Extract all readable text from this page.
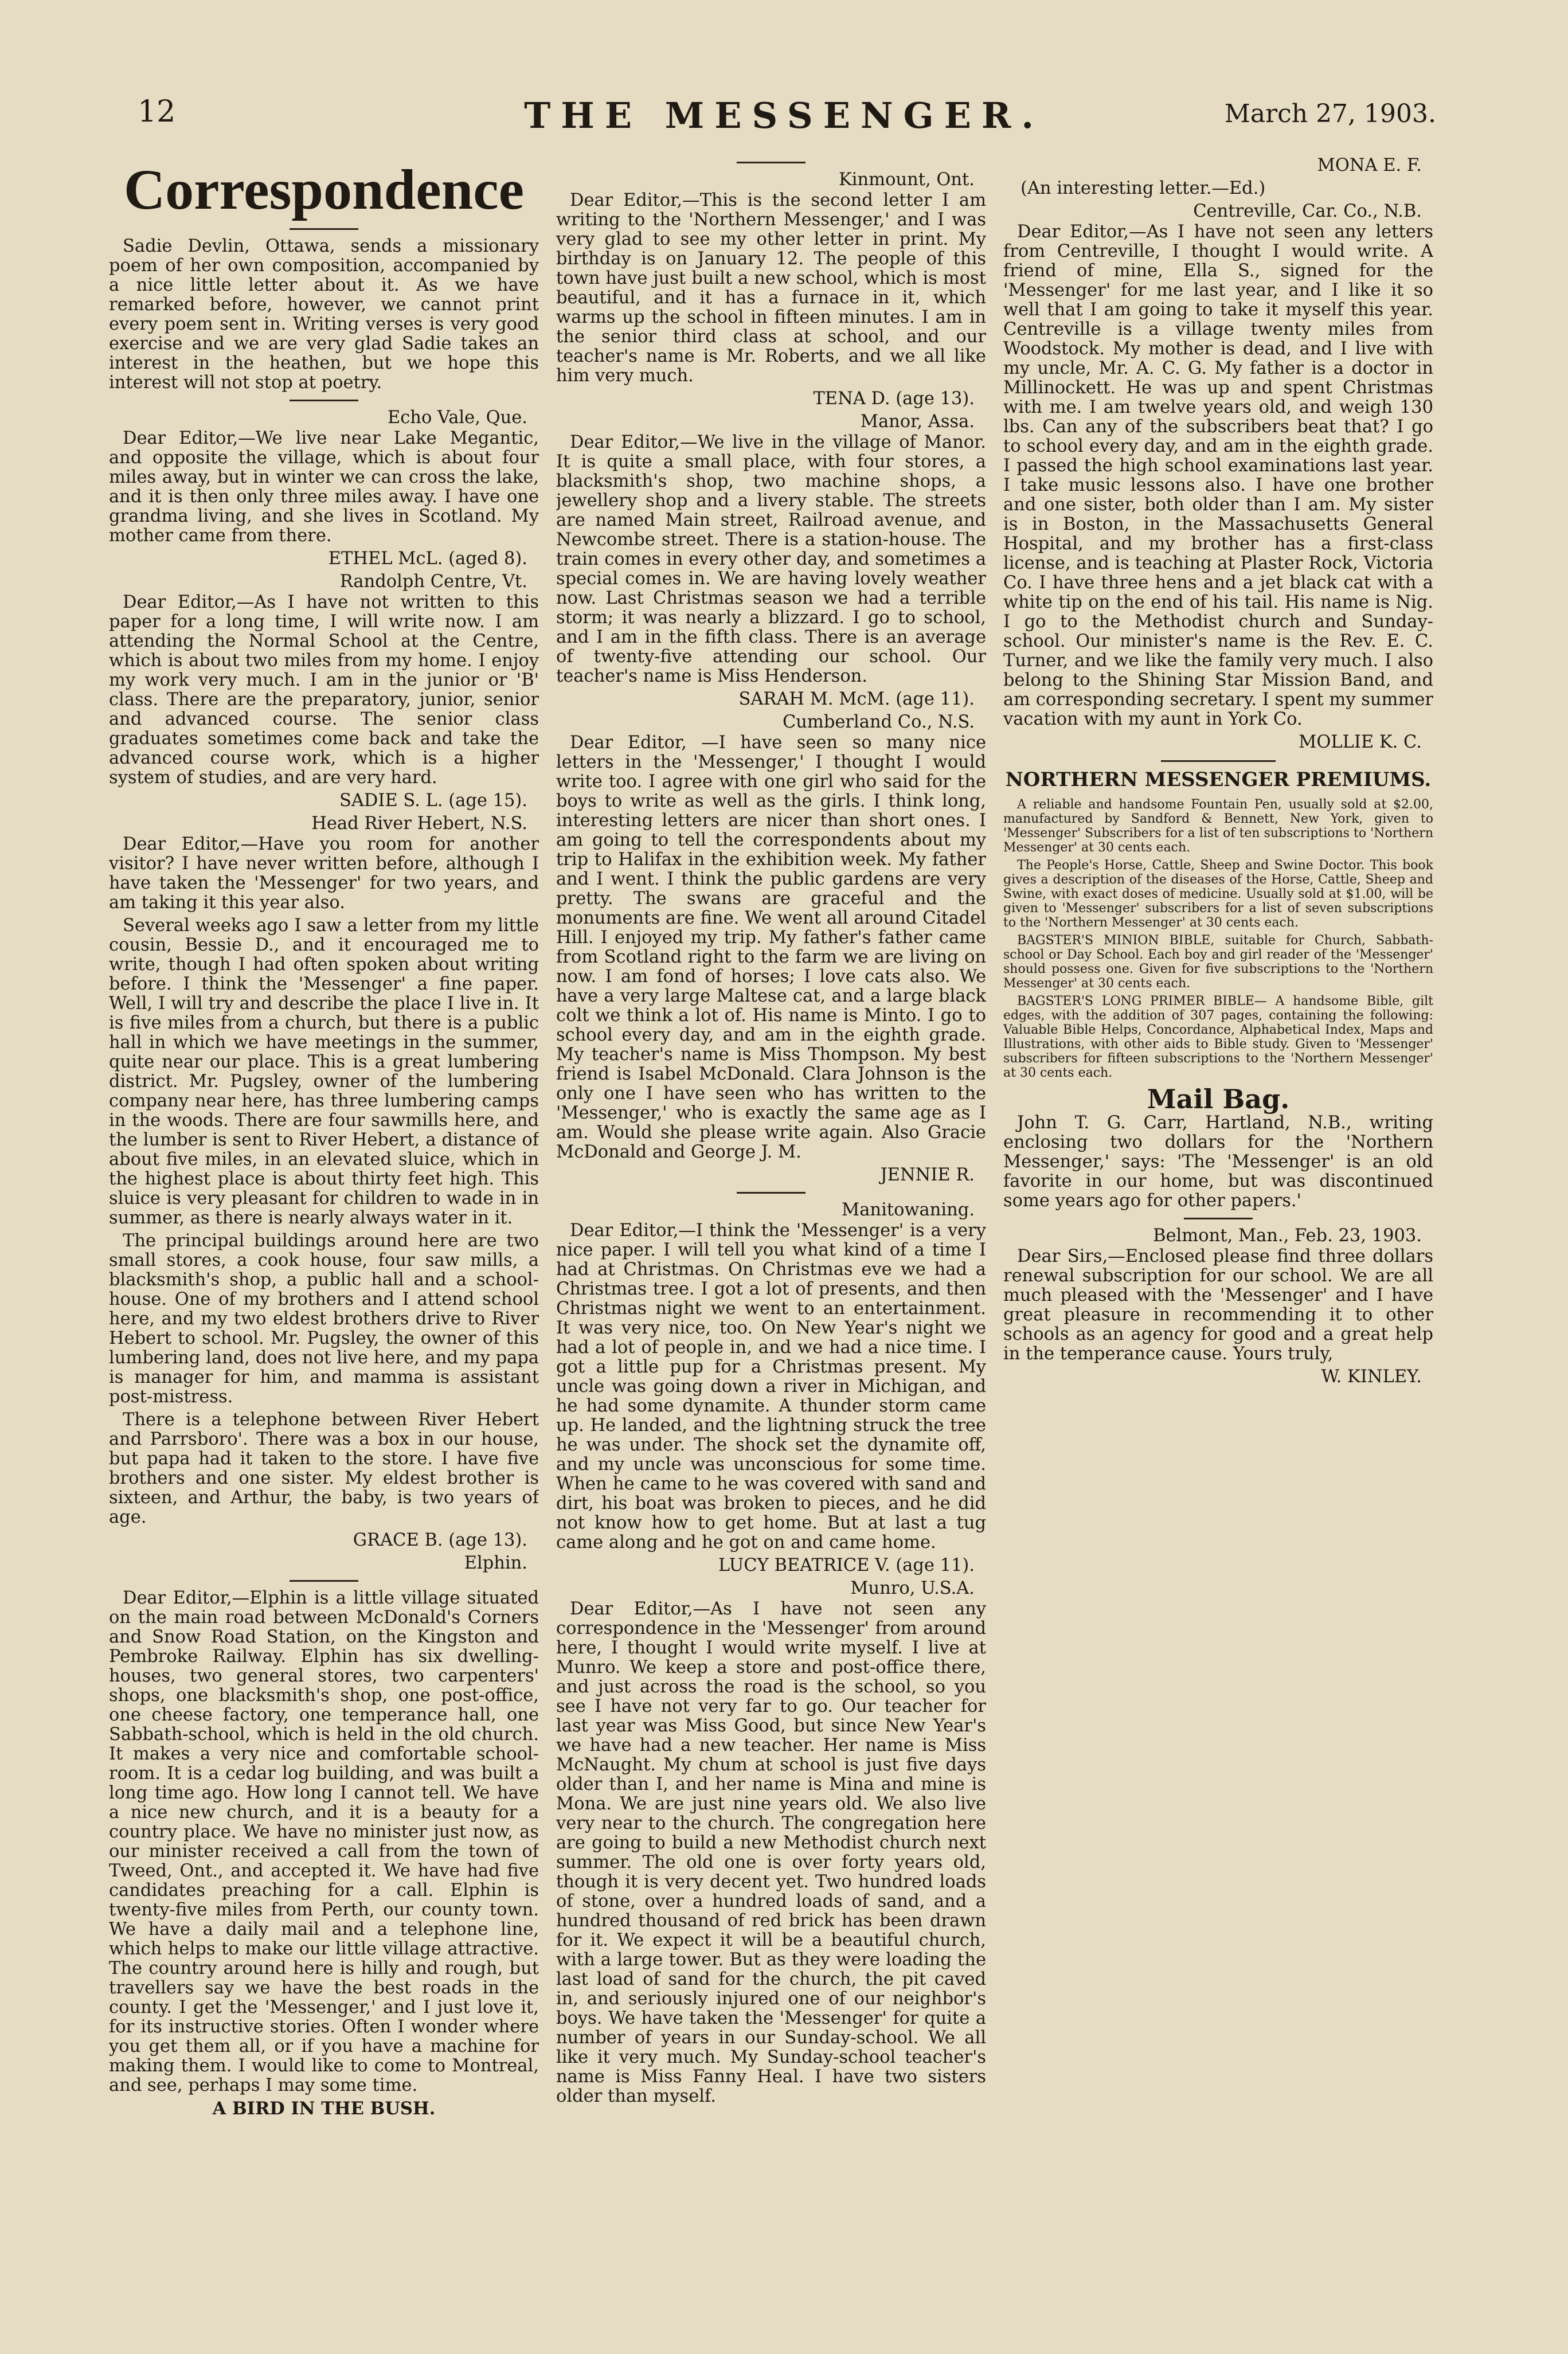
12	THE MESSENGER.	March 27, 1903.
Correspondence

Sadie Devlin, Ottawa, sends a missionary poem of her own composition, accompanied by a nice little letter about it. As we have remarked before, however, we cannot print every poem sent in. Writing verses is very good exercise and we are very glad Sadie takes an interest in the heathen, but we hope this interest will not stop at poetry.

Echo Vale, Que.

Dear Editor,—We live near Lake Megantic, and opposite the village, which is about four miles away, but in winter we can cross the lake, and it is then only three miles away. I have one grandma living, and she lives in Scotland. My mother came from there.

ETHEL McL. (aged 8).
Randolph Centre, Vt.

Dear Editor,—As I have not written to this paper for a long time, I will write now. I am attending the Normal School at the Centre, which is about two miles from my home. I enjoy my work very much. I am in the junior or 'B' class. There are the preparatory, junior, senior and advanced course. The senior class graduates sometimes come back and take the advanced course work, which is a higher system of studies, and are very hard.

SADIE S. L. (age 15).
Head River Hebert, N.S.

Dear Editor,—Have you room for another visitor? I have never written before, although I have taken the 'Messenger' for two years, and am taking it this year also.

Several weeks ago I saw a letter from my little cousin, Bessie D., and it encouraged me to write, though I had often spoken about writing before. I think the 'Messenger' a fine paper. Well, I will try and describe the place I live in. It is five miles from a church, but there is a public hall in which we have meetings in the summer, quite near our place. This is a great lumbering district. Mr. Pugsley, owner of the lumbering company near here, has three lumbering camps in the woods. There are four sawmills here, and the lumber is sent to River Hebert, a distance of about five miles, in an elevated sluice, which in the highest place is about thirty feet high. This sluice is very pleasant for children to wade in in summer, as there is nearly always water in it.

The principal buildings around here are two small stores, a cook house, four saw mills, a blacksmith's shop, a public hall and a school-house. One of my brothers and I attend school here, and my two eldest brothers drive to River Hebert to school. Mr. Pugsley, the owner of this lumbering land, does not live here, and my papa is manager for him, and mamma is assistant post-mistress.

There is a telephone between River Hebert and Parrsboro'. There was a box in our house, but papa had it taken to the store. I have five brothers and one sister. My eldest brother is sixteen, and Arthur, the baby, is two years of age.

GRACE B. (age 13).
Elphin.

Dear Editor,—Elphin is a little village situated on the main road between McDonald's Corners and Snow Road Station, on the Kingston and Pembroke Railway. Elphin has six dwelling-houses, two general stores, two carpenters' shops, one blacksmith's shop, one post-office, one cheese factory, one temperance hall, one Sabbath-school, which is held in the old church. It makes a very nice and comfortable school-room. It is a cedar log building, and was built a long time ago. How long I cannot tell. We have a nice new church, and it is a beauty for a country place. We have no minister just now, as our minister received a call from the town of Tweed, Ont., and accepted it. We have had five candidates preaching for a call. Elphin is twenty-five miles from Perth, our county town. We have a daily mail and a telephone line, which helps to make our little village attractive. The country around here is hilly and rough, but travellers say we have the best roads in the county. I get the 'Messenger,' and I just love it, for its instructive stories. Often I wonder where you get them all, or if you have a machine for making them. I would like to come to Montreal, and see, perhaps I may some time.

A BIRD IN THE BUSH.
Kinmount, Ont.

Dear Editor,—This is the second letter I am writing to the 'Northern Messenger,' and I was very glad to see my other letter in print. My birthday is on January 12. The people of this town have just built a new school, which is most beautiful, and it has a furnace in it, which warms up the school in fifteen minutes. I am in the senior third class at school, and our teacher's name is Mr. Roberts, and we all like him very much.

TENA D. (age 13).
Manor, Assa.

Dear Editor,—We live in the village of Manor. It is quite a small place, with four stores, a blacksmith's shop, two machine shops, a jewellery shop and a livery stable. The streets are named Main street, Railroad avenue, and Newcombe street. There is a station-house. The train comes in every other day, and sometimes a special comes in. We are having lovely weather now. Last Christmas season we had a terrible storm; it was nearly a blizzard. I go to school, and I am in the fifth class. There is an average of twenty-five attending our school. Our teacher's name is Miss Henderson.

SARAH M. McM. (age 11).
Cumberland Co., N.S.

Dear Editor, —I have seen so many nice letters in the 'Messenger,' I thought I would write too. I agree with one girl who said for the boys to write as well as the girls. I think long, interesting letters are nicer than short ones. I am going to tell the correspondents about my trip to Halifax in the exhibition week. My father and I went. I think the public gardens are very pretty. The swans are graceful and the monuments are fine. We went all around Citadel Hill. I enjoyed my trip. My father's father came from Scotland right to the farm we are living on now. I am fond of horses; I love cats also. We have a very large Maltese cat, and a large black colt we think a lot of. His name is Minto. I go to school every day, and am in the eighth grade. My teacher's name is Miss Thompson. My best friend is Isabel McDonald. Clara Johnson is the only one I have seen who has written to the 'Messenger,' who is exactly the same age as I am. Would she please write again. Also Gracie McDonald and George J. M.

JENNIE R.
Manitowaning.

Dear Editor,—I think the 'Messenger' is a very nice paper. I will tell you what kind of a time I had at Christmas. On Christmas eve we had a Christmas tree. I got a lot of presents, and then Christmas night we went to an entertainment. It was very nice, too. On New Year's night we had a lot of people in, and we had a nice time. I got a little pup for a Christmas present. My uncle was going down a river in Michigan, and he had some dynamite. A thunder storm came up. He landed, and the lightning struck the tree he was under. The shock set the dynamite off, and my uncle was unconscious for some time. When he came to he was covered with sand and dirt, his boat was broken to pieces, and he did not know how to get home. But at last a tug came along and he got on and came home.

LUCY BEATRICE V. (age 11).
Munro, U.S.A.

Dear Editor,—As I have not seen any correspondence in the 'Messenger' from around here, I thought I would write myself. I live at Munro. We keep a store and post-office there, and just across the road is the school, so you see I have not very far to go. Our teacher for last year was Miss Good, but since New Year's we have had a new teacher. Her name is Miss McNaught. My chum at school is just five days older than I, and her name is Mina and mine is Mona. We are just nine years old. We also live very near to the church. The congregation here are going to build a new Methodist church next summer. The old one is over forty years old, though it is very decent yet. Two hundred loads of stone, over a hundred loads of sand, and a hundred thousand of red brick has been drawn for it. We expect it will be a beautiful church, with a large tower. But as they were loading the last load of sand for the church, the pit caved in, and seriously injured one of our neighbor's boys. We have taken the 'Messenger' for quite a number of years in our Sunday-school. We all like it very much. My Sunday-school teacher's name is Miss Fanny Heal. I have two sisters older than myself.

MONA E. F.
(An interesting letter.—Ed.)
Centreville, Car. Co., N.B.

Dear Editor,—As I have not seen any letters from Centreville, I thought I would write. A friend of mine, Ella S., signed for the 'Messenger' for me last year, and I like it so well that I am going to take it myself this year. Centreville is a village twenty miles from Woodstock. My mother is dead, and I live with my uncle, Mr. A. C. G. My father is a doctor in Millinockett. He was up and spent Christmas with me. I am twelve years old, and weigh 130 lbs. Can any of the subscribers beat that? I go to school every day, and am in the eighth grade. I passed the high school examinations last year. I take music lessons also. I have one brother and one sister, both older than I am. My sister is in Boston, in the Massachusetts General Hospital, and my brother has a first-class license, and is teaching at Plaster Rock, Victoria Co. I have three hens and a jet black cat with a white tip on the end of his tail. His name is Nig. I go to the Methodist church and Sunday-school. Our minister's name is the Rev. E. C. Turner, and we like the family very much. I also belong to the Shining Star Mission Band, and am corresponding secretary. I spent my summer vacation with my aunt in York Co.

MOLLIE K. C.
NORTHERN MESSENGER PREMIUMS.

A reliable and handsome Fountain Pen, usually sold at $2.00, manufactured by Sandford & Bennett, New York, given to 'Messenger' Subscribers for a list of ten subscriptions to 'Northern Messenger' at 30 cents each.

The People's Horse, Cattle, Sheep and Swine Doctor. This book gives a description of the diseases of the Horse, Cattle, Sheep and Swine, with exact doses of medicine. Usually sold at $1.00, will be given to 'Messenger' subscribers for a list of seven subscriptions to the 'Northern Messenger' at 30 cents each.

BAGSTER'S MINION BIBLE, suitable for Church, Sabbath-school or Day School. Each boy and girl reader of the 'Messenger' should possess one. Given for five subscriptions to the 'Northern Messenger' at 30 cents each.

BAGSTER'S LONG PRIMER BIBLE— A handsome Bible, gilt edges, with the addition of 307 pages, containing the following: Valuable Bible Helps, Concordance, Alphabetical Index, Maps and Illustrations, with other aids to Bible study. Given to 'Messenger' subscribers for fifteen subscriptions to the 'Northern Messenger' at 30 cents each.

Mail Bag.

John T. G. Carr, Hartland, N.B., writing enclosing two dollars for the 'Northern Messenger,' says: 'The 'Messenger' is an old favorite in our home, but was discontinued some years ago for other papers.'

Belmont, Man., Feb. 23, 1903.

Dear Sirs,—Enclosed please find three dollars renewal subscription for our school. We are all much pleased with the 'Messenger' and I have great pleasure in recommending it to other schools as an agency for good and a great help in the temperance cause. Yours truly,

W. KINLEY.
